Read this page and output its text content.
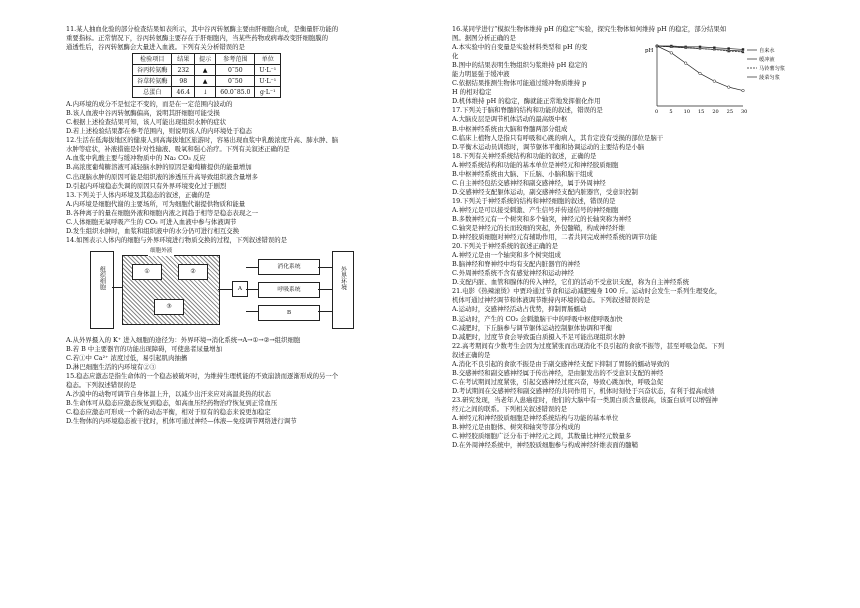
11.某人抽血化验的部分检查结果如表所示，其中谷丙转氨酶主要由肝细胞合成，是衡量肝功能的
重要指标。正常情况下，谷丙转氨酶主要存在于肝细胞内，当某些药物或病毒改变肝细胞膜的
通透性后，谷丙转氨酶会大量进入血液。下列有关分析错误的是
检验项目	结果	提示	参考范围	单位
谷丙转氨酶	232	▲	0˜50	U·L⁻¹
谷草转氨酶	98	▲	0˜50	U·L⁻¹
总蛋白	46.4	↓	60.0˜85.0	g·L⁻¹
A.内环境的成分不是恒定不变的，而是在一定范围内波动的
B.该人血液中谷丙转氨酶偏高，说明其肝细胞可能受损
C.根据上述检查结果可知，该人可能出现组织水肿的症状
D.若上述检验结果都在参考范围内，则说明该人的内环境处于稳态
12.生活在低海拔地区的健康人到高海拔地区旅游时，容易出现血浆中乳酸浓度升高、肺水肿、脑
水肿等症状，补液措施是针对性输液、吸氧和强心治疗。下列有关叙述正确的是
A.血浆中乳酸主要与缓冲物质中的 Na₂ CO₃ 反应
B.高浓度葡萄糖溶液可减轻脑水肿的原因是葡萄糖提供的能量增加
C.出现脑水肿的原因可能是组织液的渗透压升高导致组织液含量增多
D.引起内环境稳态失调的原因只有外界环境变化过于剧烈
13.下列关于人体内环境及其稳态的叙述，正确的是
A.内环境是细胞代谢的主要场所，可为细胞代谢提供物质和能量
B.各种离子的量在细胞外液和细胞内液之间趋于相等是稳态表现之一
C.人体细胞无氧呼吸产生的 CO₂ 可进入血液中参与体液调节
D.发生组织水肿时，血浆和组织液中的水分仍可进行相互交换
14.如图表示人体内的细胞与外界环境进行物质交换的过程，下列叙述错误的是
组织细胞
细胞外液
①	②
③
A
消化系统
呼吸系统
B
外界环境
A.从外界摄入的 K⁺ 进入细胞的途径为：外界环境→消化系统→A→①→②→组织细胞
B.若 B 中主要器官的功能出现障碍，可使患者尿量增加
C.若①中 Ca²⁺ 浓度过低，易引起肌肉抽搐
D.淋巴细胞生活的内环境有②③
15.稳态应激态是指生命体的一个稳态被破坏时，为维持生理机能的不致崩溃而逐渐形成的另一个
稳态。下列叙述错误的是
A.沙漠中的动物可调节自身体温上升，以减少出汗来应对高温炎热的状态
B.生命体可从稳态应激态恢复到稳态，如高血压经药物治疗恢复到正常血压
C.稳态应激态可形成一个新的动态平衡，相对于原有的稳态来说更加稳定
D.生物体的内环境稳态被干扰时，机体可通过神经—体液—免疫调节网络进行调节
16.某同学进行“模拟生物体维持 pH 的稳定”实验，探究生物体如何维持 pH 的稳定，部分结果如
图。据图分析正确的是
A.本实验中的自变量是实验材料类型和 pH 的变
化
B.图中的结果表明生物组织匀浆维持 pH 稳定的
能力明显强于缓冲液
C.依据结果推测生物体可能通过缓冲物质维持 p
H 的相对稳定
D.机体维持 pH 的稳定，酶就能正常地发挥催化作用
17.下列关于脑和脊髓的结构和功能的叙述，错误的是
A.大脑皮层是调节机体活动的最高级中枢
B.中枢神经系统由大脑和脊髓两部分组成
C.临床上植物人是指只有呼吸和心跳的病人，其肯定没有受损的部位是脑干
D.平衡木运动员训练时，调节躯体平衡和协调运动的主要结构是小脑
18.下列有关神经系统结构和功能的叙述，正确的是
A.神经系统结构和功能的基本单位是神经元和神经胶质细胞
B.中枢神经系统由大脑、下丘脑、小脑和脑干组成
C.自主神经包括交感神经和副交感神经，属于外周神经
D.交感神经支配躯体运动，副交感神经支配内脏器官，受意识控制
19.下列关于神经系统的结构和神经细胞的叙述，错误的是
A.神经元是可以接受刺激、产生信号并传递信号的神经细胞
B.多数神经元有一个树突和多个轴突，神经元的长轴突称为神经
C.轴突是神经元的长而较细的突起，外包髓鞘，构成神经纤维
D.神经胶质细胞对神经元有辅助作用，二者共同完成神经系统的调节功能
20.下列关于神经系统的叙述正确的是
A.神经元是由一个轴突和多个树突组成
B.脑神经和脊神经中均有支配内脏器官的神经
C.外周神经系统不含有感觉神经和运动神经
D.支配内脏、血管和腺体的传入神经，它们的活动不受意识支配，称为自主神经系统
21.电影《热辣滚烫》中贾玲通过节食和运动减肥瘦身 100 斤。运动时会发生一系列生理变化，
机体可通过神经调节和体液调节维持内环境的稳态。下列叙述错误的是
A.运动时，交感神经活动占优势，抑制胃肠蠕动
B.运动时，产生的 CO₂ 会刺激脑干中的呼吸中枢使呼吸加快
C.减肥时，下丘脑参与调节躯体运动控制躯体协调和平衡
D.减肥时，过度节食会导致蛋白质摄入不足可能出现组织水肿
22.高考期间有少数考生会因为过度紧张而出现消化不良引起的食欲不振等，甚至呼吸急促。下列
叙述正确的是
A.消化不良引起的食欲不振是由于副交感神经支配下抑制了胃肠的蠕动导致的
B.交感神经和副交感神经属于传出神经，是由躯发出的不受意识支配的神经
C.在考试期间过度紧张，引起交感神经过度兴奋，导致心跳加快，呼吸急促
D.考试期间在交感神经和副交感神经的共同作用下，机体时刻处于兴奋状态，有利于提高成绩
23.研究发现，当老年人患癌症时，他们的大脑中有一类黑白质含量很高，该蛋白质可以增强神
经元之间的联系。下列相关叙述错误的是
A.神经元和神经胶质细胞是神经系统结构与功能的基本单位
B.神经元是由胞体、树突和轴突等部分构成的
C.神经胶质细胞广泛分布于神经元之间，其数量比神经元数量多
D.在外周神经系统中，神经胶质细胞参与构成神经纤维表面的髓鞘
pH
0 5 10 15 20 25 30
自来水
缓冲液
马铃薯匀浆
菠菜匀浆
